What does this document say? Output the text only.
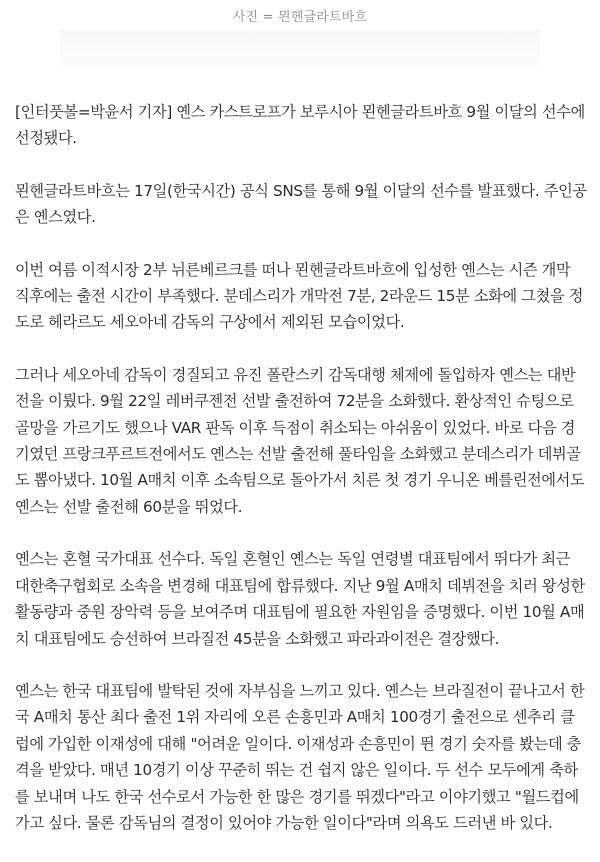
사진 = 묀헨글라트바흐

[인터풋볼=박윤서 기자] 옌스 카스트로프가 보루시아 묀헨글라트바흐 9월 이달의 선수에 선정됐다.

묀헨글라트바흐는 17일(한국시간) 공식 SNS를 통해 9월 이달의 선수를 발표했다. 주인공은 옌스였다.

이번 여름 이적시장 2부 뉘른베르크를 떠나 묀헨글라트바흐에 입성한 옌스는 시즌 개막 직후에는 출전 시간이 부족했다. 분데스리가 개막전 7분, 2라운드 15분 소화에 그쳤을 정도로 헤라르도 세오아네 감독의 구상에서 제외된 모습이었다.

그러나 세오아네 감독이 경질되고 유진 폴란스키 감독대행 체제에 돌입하자 옌스는 대반전을 이뤘다. 9월 22일 레버쿠젠전 선발 출전하여 72분을 소화했다. 환상적인 슈팅으로 골망을 가르기도 했으나 VAR 판독 이후 득점이 취소되는 아쉬움이 있었다. 바로 다음 경기였던 프랑크푸르트전에서도 옌스는 선발 출전해 풀타임을 소화했고 분데스리가 데뷔골도 뽑아냈다. 10월 A매치 이후 소속팀으로 돌아가서 치른 첫 경기 우니온 베를린전에서도 옌스는 선발 출전해 60분을 뛰었다.

옌스는 혼혈 국가대표 선수다. 독일 혼혈인 옌스는 독일 연령별 대표팀에서 뛰다가 최근 대한축구협회로 소속을 변경해 대표팀에 합류했다. 지난 9월 A매치 데뷔전을 치러 왕성한 활동량과 중원 장악력 등을 보여주며 대표팀에 필요한 자원임을 증명했다. 이번 10월 A매치 대표팀에도 승선하여 브라질전 45분을 소화했고 파라과이전은 결장했다.

옌스는 한국 대표팀에 발탁된 것에 자부심을 느끼고 있다. 옌스는 브라질전이 끝나고서 한국 A매치 통산 최다 출전 1위 자리에 오른 손흥민과 A매치 100경기 출전으로 센추리 클럽에 가입한 이재성에 대해 "어려운 일이다. 이재성과 손흥민이 뛴 경기 숫자를 봤는데 충격을 받았다. 매년 10경기 이상 꾸준히 뛰는 건 쉽지 않은 일이다. 두 선수 모두에게 축하를 보내며 나도 한국 선수로서 가능한 한 많은 경기를 뛰겠다"라고 이야기했고 "월드컵에 가고 싶다. 물론 감독님의 결정이 있어야 가능한 일이다"라며 의욕도 드러낸 바 있다.
